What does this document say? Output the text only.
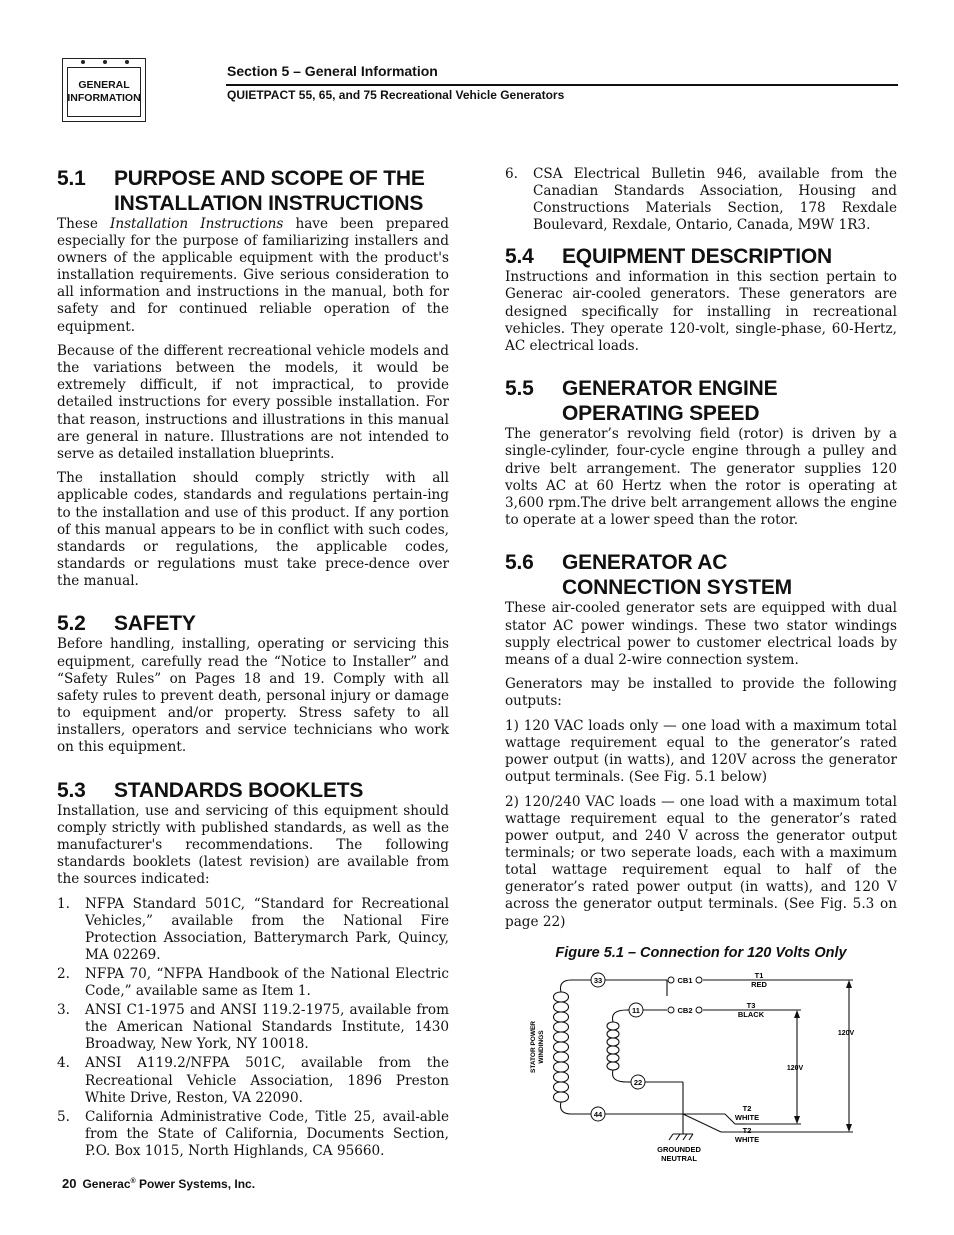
GENERAL
INFORMATION
Section 5 – General Information
QUIETPACT 55, 65, and 75 Recreational Vehicle Generators
5.1 PURPOSE AND SCOPE OF THE
INSTALLATION INSTRUCTIONS

These Installation Instructions have been prepared especially for the purpose of familiarizing installers and owners of the applicable equipment with the product's installation requirements. Give serious consideration to all information and instructions in the manual, both for safety and for continued reliable operation of the equipment.

Because of the different recreational vehicle models and the variations between the models, it would be extremely difficult, if not impractical, to provide detailed instructions for every possible installation. For that reason, instructions and illustrations in this manual are general in nature. Illustrations are not intended to serve as detailed installation blueprints.

The installation should comply strictly with all applicable codes, standards and regulations pertain-ing to the installation and use of this product. If any portion of this manual appears to be in conflict with such codes, standards or regulations, the applicable codes, standards or regulations must take prece-dence over the manual.

5.2 SAFETY

Before handling, installing, operating or servicing this equipment, carefully read the “Notice to Installer” and “Safety Rules” on Pages 18 and 19. Comply with all safety rules to prevent death, personal injury or damage to equipment and/or property. Stress safety to all installers, operators and service technicians who work on this equipment.

5.3 STANDARDS BOOKLETS

Installation, use and servicing of this equipment should comply strictly with published standards, as well as the manufacturer's recommendations. The following standards booklets (latest revision) are available from the sources indicated:

1. NFPA Standard 501C, “Standard for Recreational Vehicles,” available from the National Fire Protection Association, Batterymarch Park, Quincy, MA 02269.
2. NFPA 70, “NFPA Handbook of the National Electric Code,” available same as Item 1.
3. ANSI C1-1975 and ANSI 119.2-1975, available from the American National Standards Institute, 1430 Broadway, New York, NY 10018.
4. ANSI A119.2/NFPA 501C, available from the Recreational Vehicle Association, 1896 Preston White Drive, Reston, VA 22090.
5. California Administrative Code, Title 25, avail-able from the State of California, Documents Section, P.O. Box 1015, North Highlands, CA 95660.
6. CSA Electrical Bulletin 946, available from the Canadian Standards Association, Housing and Constructions Materials Section, 178 Rexdale Boulevard, Rexdale, Ontario, Canada, M9W 1R3.
5.4 EQUIPMENT DESCRIPTION

Instructions and information in this section pertain to Generac air-cooled generators. These generators are designed specifically for installing in recreational vehicles. They operate 120-volt, single-phase, 60-Hertz, AC electrical loads.

5.5 GENERATOR ENGINE
OPERATING SPEED

The generator’s revolving field (rotor) is driven by a single-cylinder, four-cycle engine through a pulley and drive belt arrangement. The generator supplies 120 volts AC at 60 Hertz when the rotor is operating at 3,600 rpm.The drive belt arrangement allows the engine to operate at a lower speed than the rotor.

5.6 GENERATOR AC
CONNECTION SYSTEM

These air-cooled generator sets are equipped with dual stator AC power windings. These two stator windings supply electrical power to customer electrical loads by means of a dual 2-wire connection system.

Generators may be installed to provide the following outputs:

1) 120 VAC loads only — one load with a maximum total wattage requirement equal to the generator’s rated power output (in watts), and 120V across the generator output terminals. (See Fig. 5.1 below)

2) 120/240 VAC loads — one load with a maximum total wattage requirement equal to the generator’s rated power output, and 240 V across the generator output terminals; or two seperate loads, each with a maximum total wattage requirement equal to half of the generator’s rated power output (in watts), and 120 V across the generator output terminals. (See Fig. 5.3 on page 22)

Figure 5.1 – Connection for 120 Volts Only
33
11
22
44
CB1
CB2
T1
RED
T3
BLACK
T2
WHITE
T2
WHITE
120V
120V
GROUNDED
NEUTRAL
STATOR POWER WINDINGS
20 Generac® Power Systems, Inc.
